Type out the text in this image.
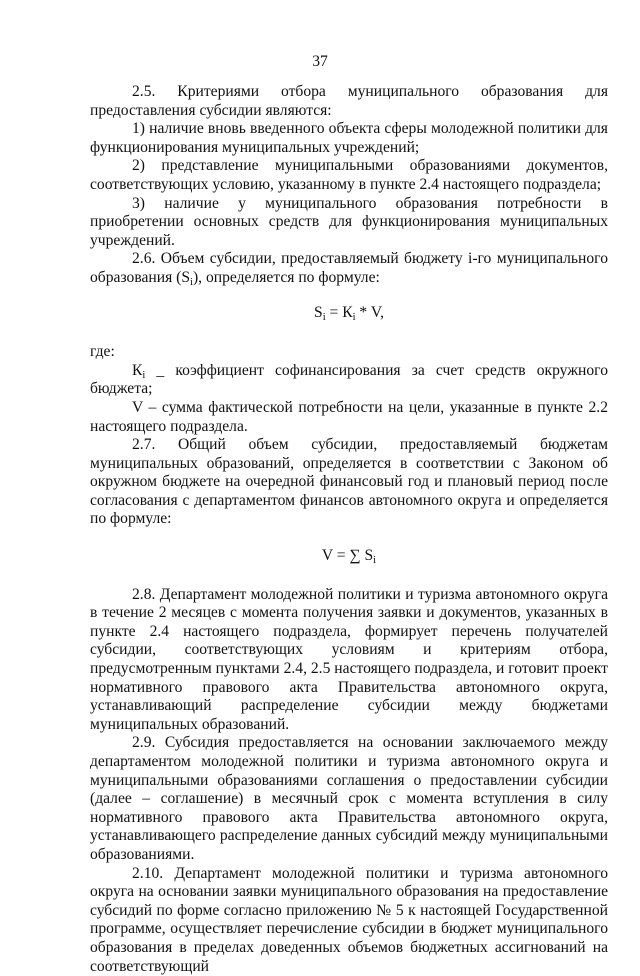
37

2.5. Критериями отбора муниципального образования для предоставления субсидии являются:

1) наличие вновь введенного объекта сферы молодежной политики для функционирования муниципальных учреждений;

2) представление муниципальными образованиями документов, соответствующих условию, указанному в пункте 2.4 настоящего подраздела;

3) наличие у муниципального образования потребности в приобретении основных средств для функционирования муниципальных учреждений.

2.6. Объем субсидии, предоставляемый бюджету i-го муниципального образования $(S_i)$, определяется по формуле:

$S_i = К_i * V$,

где:

$К_i$ _ коэффициент софинансирования за счет средств окружного бюджета;

V – сумма фактической потребности на цели, указанные в пункте 2.2 настоящего подраздела.

2.7. Общий объем субсидии, предоставляемый бюджетам муниципальных образований, определяется в соответствии с Законом об окружном бюджете на очередной финансовый год и плановый период после согласования с департаментом финансов автономного округа и определяется по формуле:

V = ∑ $S_i$

2.8. Департамент молодежной политики и туризма автономного округа в течение 2 месяцев с момента получения заявки и документов, указанных в пункте 2.4 настоящего подраздела, формирует перечень получателей субсидии, соответствующих условиям и критериям отбора, предусмотренным пунктами 2.4, 2.5 настоящего подраздела, и готовит проект нормативного правового акта Правительства автономного округа, устанавливающий распределение субсидии между бюджетами муниципальных образований.

2.9. Субсидия предоставляется на основании заключаемого между департаментом молодежной политики и туризма автономного округа и муниципальными образованиями соглашения о предоставлении субсидии (далее – соглашение) в месячный срок с момента вступления в силу нормативного правового акта Правительства автономного округа, устанавливающего распределение данных субсидий между муниципальными образованиями.

2.10. Департамент молодежной политики и туризма автономного округа на основании заявки муниципального образования на предоставление субсидий по форме согласно приложению № 5 к настоящей Государственной программе, осуществляет перечисление субсидии в бюджет муниципального образования в пределах доведенных объемов бюджетных ассигнований на соответствующий
